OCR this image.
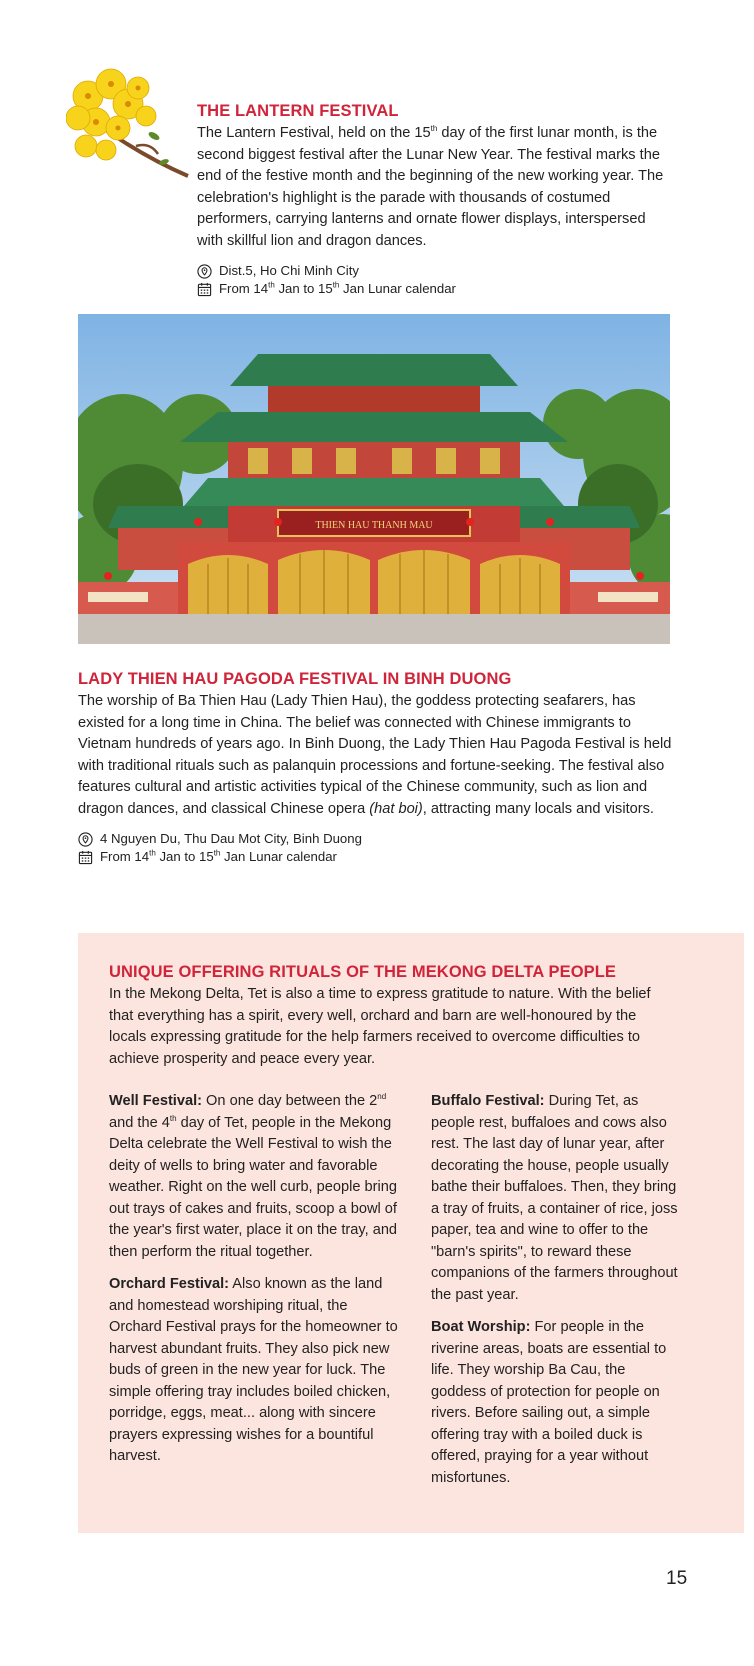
THE LANTERN FESTIVAL

The Lantern Festival, held on the 15th day of the first lunar month, is the second biggest festival after the Lunar New Year. The festival marks the end of the festive month and the beginning of the new working year. The celebration's highlight is the parade with thousands of costumed performers, carrying lanterns and ornate flower displays, interspersed with skillful lion and dragon dances.

Dist.5, Ho Chi Minh City
From 14th Jan to 15th Jan Lunar calendar
THIEN HAU THANH MAU
LADY THIEN HAU PAGODA FESTIVAL IN BINH DUONG

The worship of Ba Thien Hau (Lady Thien Hau), the goddess protecting seafarers, has existed for a long time in China. The belief was connected with Chinese immigrants to Vietnam hundreds of years ago. In Binh Duong, the Lady Thien Hau Pagoda Festival is held with traditional rituals such as palanquin processions and fortune-seeking. The festival also features cultural and artistic activities typical of the Chinese community, such as lion and dragon dances, and classical Chinese opera (hat boi), attracting many locals and visitors.

4 Nguyen Du, Thu Dau Mot City, Binh Duong
From 14th Jan to 15th Jan Lunar calendar
UNIQUE OFFERING RITUALS OF THE MEKONG DELTA PEOPLE

In the Mekong Delta, Tet is also a time to express gratitude to nature. With the belief that everything has a spirit, every well, orchard and barn are well-honoured by the locals expressing gratitude for the help farmers received to overcome difficulties to achieve prosperity and peace every year.

Well Festival: On one day between the 2nd and the 4th day of Tet, people in the Mekong Delta celebrate the Well Festival to wish the deity of wells to bring water and favorable weather. Right on the well curb, people bring out trays of cakes and fruits, scoop a bowl of the year's first water, place it on the tray, and then perform the ritual together.

Orchard Festival: Also known as the land and homestead worshiping ritual, the Orchard Festival prays for the homeowner to harvest abundant fruits. They also pick new buds of green in the new year for luck. The simple offering tray includes boiled chicken, porridge, eggs, meat... along with sincere prayers expressing wishes for a bountiful harvest.

Buffalo Festival: During Tet, as people rest, buffaloes and cows also rest. The last day of lunar year, after decorating the house, people usually bathe their buffaloes. Then, they bring a tray of fruits, a container of rice, joss paper, tea and wine to offer to the "barn's spirits", to reward these companions of the farmers throughout the past year.

Boat Worship: For people in the riverine areas, boats are essential to life. They worship Ba Cau, the goddess of protection for people on rivers. Before sailing out, a simple offering tray with a boiled duck is offered, praying for a year without misfortunes.

15
